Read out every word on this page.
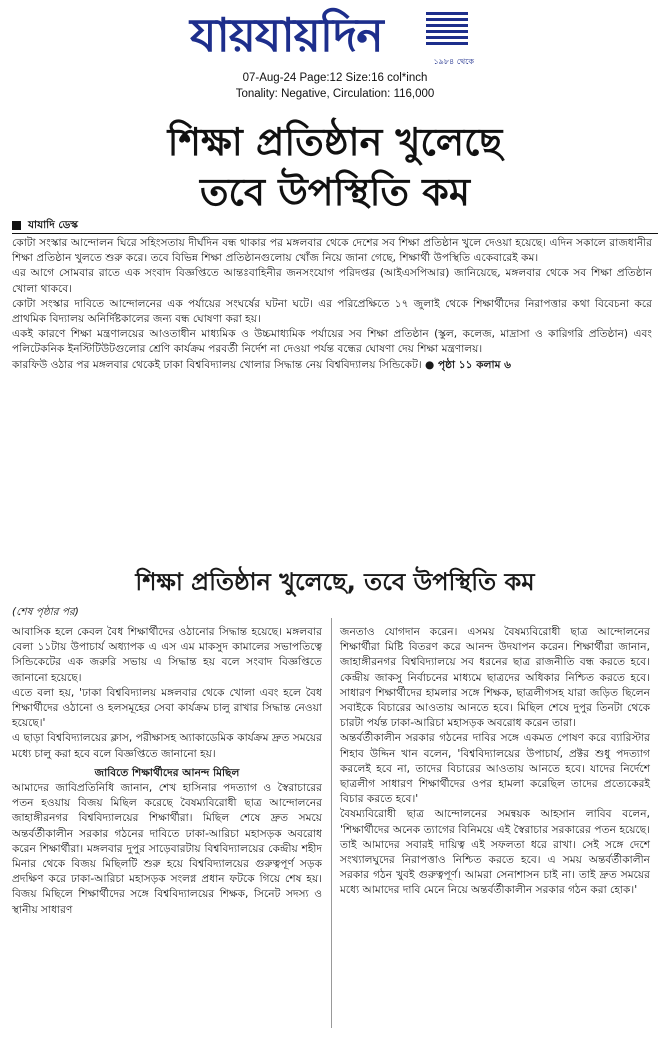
যায়যায়দিন	১৯৮৪ থেকে
07-Aug-24 Page:12 Size:16 col*inch
Tonality: Negative, Circulation: 116,000
শিক্ষা প্রতিষ্ঠান খুলেছে
তবে উপস্থিতি কম
যাযাদি ডেস্ক

কোটা সংস্কার আন্দোলন ঘিরে সহিংসতায় দীর্ঘদিন বন্ধ থাকার পর মঙ্গলবার থেকে দেশের সব শিক্ষা প্রতিষ্ঠান খুলে দেওয়া হয়েছে। এদিন সকালে রাজধানীর শিক্ষা প্রতিষ্ঠান খুলতে শুরু করে। তবে বিভিন্ন শিক্ষা প্রতিষ্ঠানগুলোয় খোঁজ নিয়ে জানা গেছে, শিক্ষার্থী উপস্থিতি একেবারেই কম।

এর আগে সোমবার রাতে এক সংবাদ বিজ্ঞপ্তিতে আন্তঃবাহিনীর জনসংযোগ পরিদপ্তর (আইএসপিআর) জানিয়েছে, মঙ্গলবার থেকে সব শিক্ষা প্রতিষ্ঠান খোলা থাকবে।

কোটা সংস্কার দাবিতে আন্দোলনের এক পর্যায়ের সংঘর্ষের ঘটনা ঘটে। এর পরিপ্রেক্ষিতে ১৭ জুলাই থেকে শিক্ষার্থীদের নিরাপত্তার কথা বিবেচনা করে প্রাথমিক বিদ্যালয় অনির্দিষ্টকালের জন্য বন্ধ ঘোষণা করা হয়।

একই কারণে শিক্ষা মন্ত্রণালয়ের আওতাধীন মাধ্যমিক ও উচ্চমাধ্যমিক পর্যায়ের সব শিক্ষা প্রতিষ্ঠান (স্কুল, কলেজ, মাদ্রাসা ও কারিগরি প্রতিষ্ঠান) এবং পলিটেকনিক ইনস্টিটিউটগুলোর শ্রেণি কার্যক্রম পরবর্তী নির্দেশ না দেওয়া পর্যন্ত বন্ধের ঘোষণা দেয় শিক্ষা মন্ত্রণালয়।

কারফিউ ওঠার পর মঙ্গলবার থেকেই ঢাকা বিশ্ববিদ্যালয় খোলার সিদ্ধান্ত নেয় বিশ্ববিদ্যালয় সিন্ডিকেট। ● পৃষ্ঠা ১১ কলাম ৬

শিক্ষা প্রতিষ্ঠান খুলেছে, তবে উপস্থিতি কম
(শেষ পৃষ্ঠার পর)

আবাসিক হলে কেবল বৈধ শিক্ষার্থীদের ওঠানোর সিদ্ধান্ত হয়েছে। মঙ্গলবার বেলা ১১টায় উপাচার্য অধ্যাপক এ এস এম মাকসুদ কামালের সভাপতিত্বে সিন্ডিকেটের এক জরুরি সভায় এ সিদ্ধান্ত হয় বলে সংবাদ বিজ্ঞপ্তিতে জানানো হয়েছে।

এতে বলা হয়, 'ঢাকা বিশ্ববিদ্যালয় মঙ্গলবার থেকে খোলা এবং হলে বৈধ শিক্ষার্থীদের ওঠানো ও হলসমূহের সেবা কার্যক্রম চালু রাখার সিদ্ধান্ত নেওয়া হয়েছে।'

এ ছাড়া বিশ্ববিদ্যালয়ের ক্লাস, পরীক্ষাসহ অ্যাকাডেমিক কার্যক্রম দ্রুত সময়ের মধ্যে চালু করা হবে বলে বিজ্ঞপ্তিতে জানানো হয়।

জাবিতে শিক্ষার্থীদের আনন্দ মিছিল

আমাদের জাবিপ্রতিনিধি জানান, শেখ হাসিনার পদত্যাগ ও স্বৈরাচারের পতন হওয়ায় বিজয় মিছিল করেছে বৈষম্যবিরোধী ছাত্র আন্দোলনের জাহাঙ্গীরনগর বিশ্ববিদ্যালয়ের শিক্ষার্থীরা। মিছিল শেষে দ্রুত সময়ে অন্তর্বর্তীকালীন সরকার গঠনের দাবিতে ঢাকা-আরিচা মহাসড়ক অবরোধ করেন শিক্ষার্থীরা। মঙ্গলবার দুপুর সাড়েবারটায় বিশ্ববিদ্যালয়ের কেন্দ্রীয় শহীদ মিনার থেকে বিজয় মিছিলটি শুরু হয়ে বিশ্ববিদ্যালয়ের গুরুত্বপূর্ণ সড়ক প্রদক্ষিণ করে ঢাকা-আরিচা মহাসড়ক সংলগ্ন প্রধান ফটকে গিয়ে শেষ হয়। বিজয় মিছিলে শিক্ষার্থীদের সঙ্গে বিশ্ববিদ্যালয়ের শিক্ষক, সিনেট সদস্য ও স্থানীয় সাধারণ

জনতাও যোগদান করেন। এসময় বৈষম্যবিরোধী ছাত্র আন্দোলনের শিক্ষার্থীরা মিষ্টি বিতরণ করে আনন্দ উদযাপন করেন। শিক্ষার্থীরা জানান, জাহাঙ্গীরনগর বিশ্ববিদ্যালয়ে সব ধরনের ছাত্র রাজনীতি বন্ধ করতে হবে। কেন্দ্রীয় জাকসু নির্বাচনের মাধ্যমে ছাত্রদের অধিকার নিশ্চিত করতে হবে। সাধারণ শিক্ষার্থীদের হামলার সঙ্গে শিক্ষক, ছাত্রলীগসহ যারা জড়িত ছিলেন সবাইকে বিচারের আওতায় আনতে হবে। মিছিল শেষে দুপুর তিনটা থেকে চারটা পর্যন্ত ঢাকা-আরিচা মহাসড়ক অবরোধ করেন তারা।

অন্তর্বর্তীকালীন সরকার গঠনের দাবির সঙ্গে একমত পোষণ করে ব্যারিস্টার শিহাব উদ্দিন খান বলেন, 'বিশ্ববিদ্যালয়ের উপাচার্য, প্রক্টর শুধু পদত্যাগ করলেই হবে না, তাদের বিচারের আওতায় আনতে হবে। যাদের নির্দেশে ছাত্রলীগ সাধারণ শিক্ষার্থীদের ওপর হামলা করেছিল তাদের প্রত্যেকেরই বিচার করতে হবে।'

বৈষম্যবিরোধী ছাত্র আন্দোলনের সমন্বয়ক আহসান লাবিব বলেন, 'শিক্ষার্থীদের অনেক ত্যাগের বিনিময়ে এই স্বৈরাচার সরকারের পতন হয়েছে। তাই আমাদের সবারই দায়িত্ব এই সফলতা ধরে রাখা। সেই সঙ্গে দেশে সংখ্যালঘুদের নিরাপত্তাও নিশ্চিত করতে হবে। এ সময় অন্তর্বর্তীকালীন সরকার গঠন খুবই গুরুত্বপূর্ণ। আমরা সেনাশাসন চাই না। তাই দ্রুত সময়ের মধ্যে আমাদের দাবি মেনে নিয়ে অন্তর্বর্তীকালীন সরকার গঠন করা হোক।'
